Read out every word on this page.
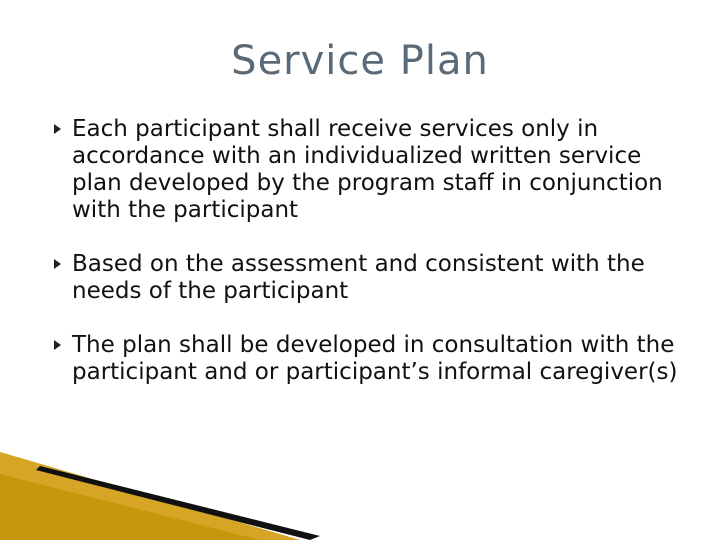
Service Plan
Each participant shall receive services only in accordance with an individualized written service plan developed by the program staff in conjunction with the participant
Based on the assessment and consistent with the needs of the participant
The plan shall be developed in consultation with the participant and or participant’s informal caregiver(s)
